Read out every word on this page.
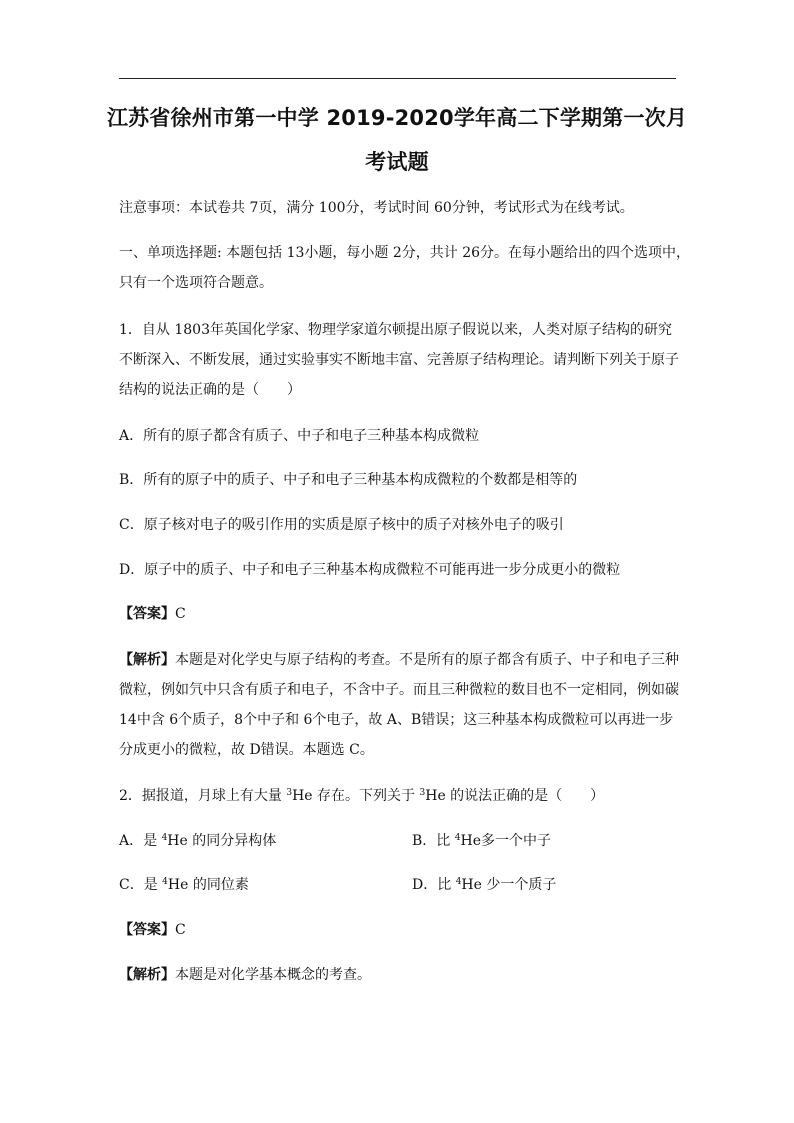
江苏省徐州市第一中学 2019-2020学年高二下学期第一次月
考试题
注意事项：本试卷共 7页，满分 100分，考试时间 60分钟，考试形式为在线考试。
一、单项选择题: 本题包括 13小题，每小题 2分，共计 26分。在每小题给出的四个选项中，
只有一个选项符合题意。
1．自从 1803年英国化学家、物理学家道尔顿提出原子假说以来，人类对原子结构的研究
不断深入、不断发展，通过实验事实不断地丰富、完善原子结构理论。请判断下列关于原子
结构的说法正确的是（　　）
A．所有的原子都含有质子、中子和电子三种基本构成微粒
B．所有的原子中的质子、中子和电子三种基本构成微粒的个数都是相等的
C．原子核对电子的吸引作用的实质是原子核中的质子对核外电子的吸引
D．原子中的质子、中子和电子三种基本构成微粒不可能再进一步分成更小的微粒
【答案】C
【解析】本题是对化学史与原子结构的考查。不是所有的原子都含有质子、中子和电子三种
微粒，例如氕中只含有质子和电子，不含中子。而且三种微粒的数目也不一定相同，例如碳
14中含 6个质子，8个中子和 6个电子，故 A、B错误；这三种基本构成微粒可以再进一步
分成更小的微粒，故 D错误。本题选 C。
2．据报道，月球上有大量 $^3$He 存在。下列关于 $^3$He 的说法正确的是（　　）
A．是 $^4$He 的同分异构体	B．比 $^4$He多一个中子
C．是 $^4$He 的同位素	D．比 $^4$He 少一个质子
【答案】C
【解析】本题是对化学基本概念的考查。
